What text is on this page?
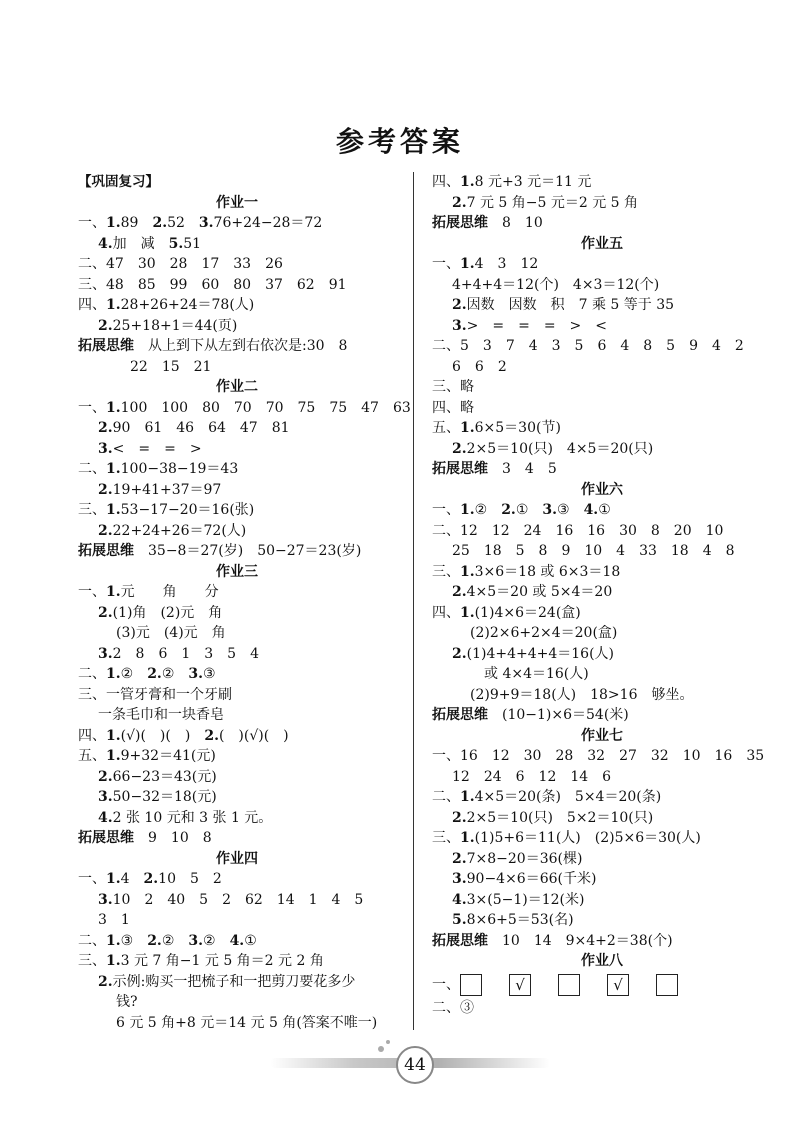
参考答案
【巩固复习】
作业一
一、1.89　2.52　3.76+24−28＝72
4.加　减　5.51
二、47　30　28　17　33　26
三、48　85　99　60　80　37　62　91
四、1.28+26+24＝78(人)
2.25+18+1＝44(页)
拓展思维　从上到下从左到右依次是:30　8
22　15　21
作业二
一、1.100　100　80　70　70　75　75　47　63
2.90　61　46　64　47　81
3.<　=　=　>
二、1.100−38−19＝43
2.19+41+37＝97
三、1.53−17−20＝16(张)
2.22+24+26＝72(人)
拓展思维　35−8＝27(岁)　50−27＝23(岁)
作业三
一、1.元　　角　　分
2.(1)角　(2)元　角
(3)元　(4)元　角
3.2　8　6　1　3　5　4
二、1.②　2.②　3.③
三、一管牙膏和一个牙刷
一条毛巾和一块香皂
四、1.(√)(　)(　)　2.(　)(√)(　)
五、1.9+32＝41(元)
2.66−23＝43(元)
3.50−32＝18(元)
4.2 张 10 元和 3 张 1 元。
拓展思维　9　10　8
作业四
一、1.4　2.10　5　2
3.10　2　40　5　2　62　14　1　4　5
3　1
二、1.③　2.②　3.②　4.①
三、1.3 元 7 角−1 元 5 角＝2 元 2 角
2.示例:购买一把梳子和一把剪刀要花多少
钱?
6 元 5 角+8 元＝14 元 5 角(答案不唯一)
四、1.8 元+3 元＝11 元
2.7 元 5 角−5 元＝2 元 5 角
拓展思维　8　10
作业五
一、1.4　3　12
4+4+4＝12(个)　4×3＝12(个)
2.因数　因数　积　7 乘 5 等于 35
3.>　=　=　=　>　<
二、5　3　7　4　3　5　6　4　8　5　9　4　2
6　6　2
三、略
四、略
五、1.6×5＝30(节)
2.2×5＝10(只)　4×5＝20(只)
拓展思维　3　4　5
作业六
一、1.②　2.①　3.③　4.①
二、12　12　24　16　16　30　8　20　10
25　18　5　8　9　10　4　33　18　4　8
三、1.3×6＝18 或 6×3＝18
2.4×5＝20 或 5×4＝20
四、1.(1)4×6＝24(盒)
(2)2×6+2×4＝20(盒)
2.(1)4+4+4+4＝16(人)
或 4×4＝16(人)
(2)9+9＝18(人)　18>16　够坐。
拓展思维　(10−1)×6＝54(米)
作业七
一、16　12　30　28　32　27　32　10　16　35
12　24　6　12　14　6
二、1.4×5＝20(条)　5×4＝20(条)
2.2×5＝10(只)　5×2＝10(只)
三、1.(1)5+6＝11(人)　(2)5×6＝30(人)
2.7×8−20＝36(棵)
3.90−4×6＝66(千米)
4.3×(5−1)＝12(米)
5.8×6+5＝53(名)
拓展思维　10　14　9×4+2＝38(个)
作业八
一、	√	√
二、③
44
